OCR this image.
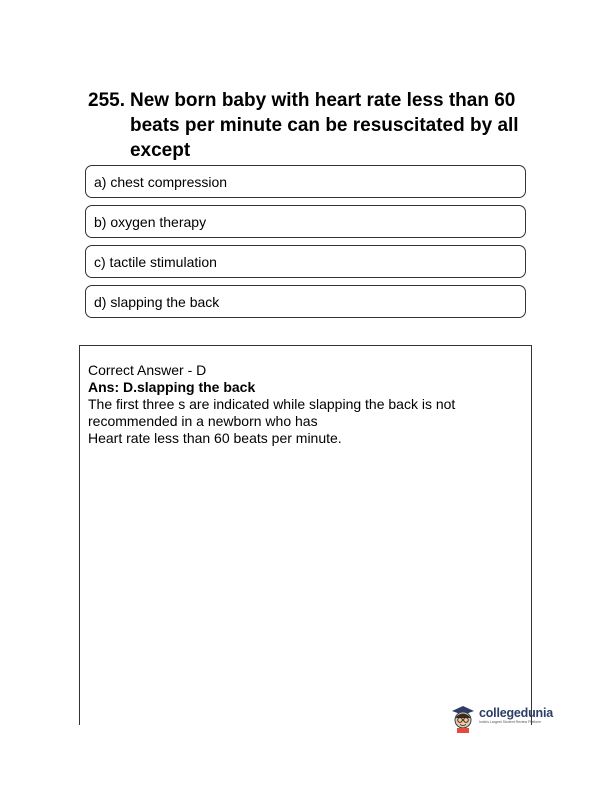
255. New born baby with heart rate less than 60 beats per minute can be resuscitated by all except
a) chest compression
b) oxygen therapy
c) tactile stimulation
d) slapping the back
Correct Answer - D
Ans: D.slapping the back
The first three s are indicated while slapping the back is not
recommended in a newborn who has
Heart rate less than 60 beats per minute.
collegedunia
India's Largest Student Review Platform
